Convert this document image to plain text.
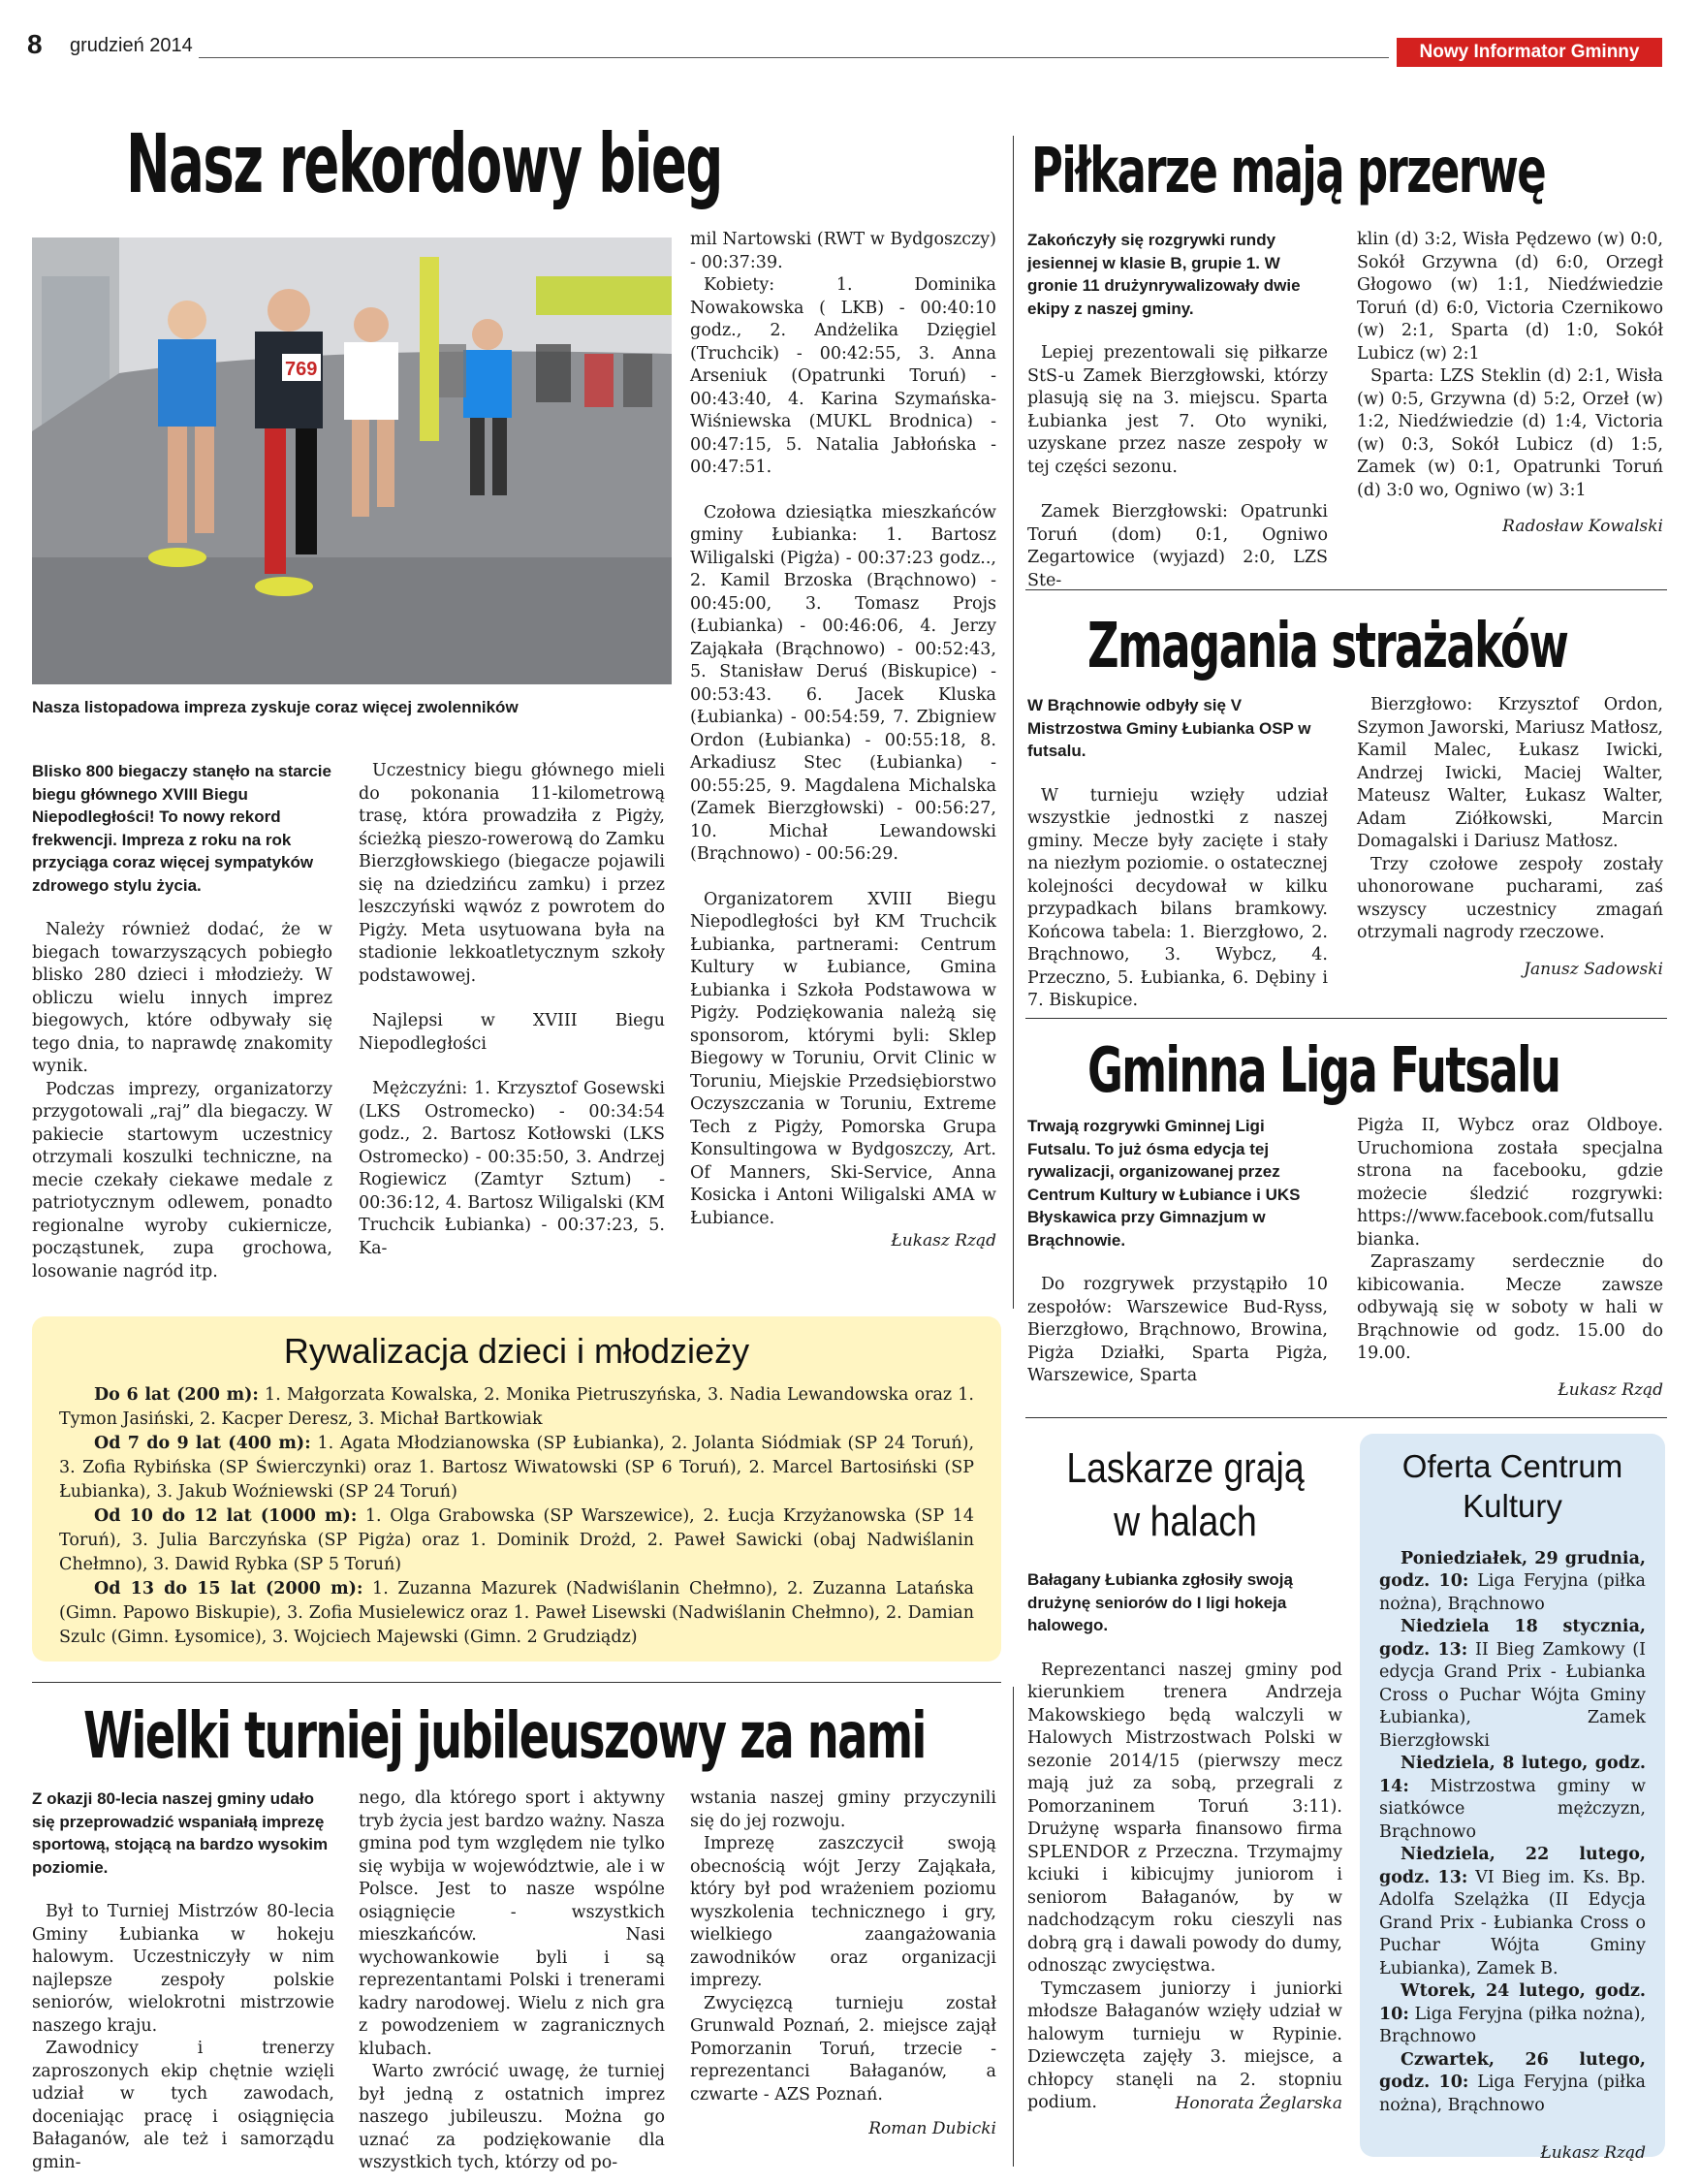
8 grudzień 2014	Nowy Informator Gminny
Nasz rekordowy bieg
769
Nasza listopadowa impreza zyskuje coraz więcej zwolenników
Blisko 800 biegaczy stanęło na starcie biegu głównego XVIII Biegu Niepodległości! To nowy rekord frekwencji. Impreza z roku na rok przyciąga coraz więcej sympatyków zdrowego stylu życia.

Należy również dodać, że w biegach towarzyszących pobiegło blisko 280 dzieci i młodzieży. W obliczu wielu innych imprez biegowych, które odbywały się tego dnia, to naprawdę znakomity wynik.

Podczas imprezy, organizatorzy przygotowali „raj” dla biegaczy. W pakiecie startowym uczestnicy otrzymali koszulki techniczne, na mecie czekały ciekawe medale z patriotycznym odlewem, ponadto regionalne wyroby cukiernicze, począstunek, zupa grochowa, losowanie nagród itp.

Uczestnicy biegu głównego mieli do pokonania 11-kilometrową trasę, która prowadziła z Pigży, ścieżką pieszo-rowerową do Zamku Bierzgłowskiego (biegacze pojawili się na dziedzińcu zamku) i przez leszczyński wąwóz z powrotem do Pigży. Meta usytuowana była na stadionie lekkoatletycznym szkoły podstawowej.

Najlepsi w XVIII Biegu Niepodległości

Mężczyźni: 1. Krzysztof Gosewski (LKS Ostromecko) - 00:34:54 godz., 2. Bartosz Kotłowski (LKS Ostromecko) - 00:35:50, 3. Andrzej Rogiewicz (Zamtyr Sztum) - 00:36:12, 4. Bartosz Wiligalski (KM Truchcik Łubianka) - 00:37:23, 5. Ka-

mil Nartowski (RWT w Bydgoszczy) - 00:37:39.

Kobiety: 1. Dominika Nowakowska ( LKB) - 00:40:10 godz., 2. Andżelika Dzięgiel (Truchcik) - 00:42:55, 3. Anna Arseniuk (Opatrunki Toruń) - 00:43:40, 4. Karina Szymańska-Wiśniewska (MUKL Brodnica) - 00:47:15, 5. Natalia Jabłońska - 00:47:51.

Czołowa dziesiątka mieszkańców gminy Łubianka: 1. Bartosz Wiligalski (Pigża) - 00:37:23 godz.., 2. Kamil Brzoska (Brąchnowo) - 00:45:00, 3. Tomasz Projs (Łubianka) - 00:46:06, 4. Jerzy Zająkała (Brąchnowo) - 00:52:43, 5. Stanisław Deruś (Biskupice) - 00:53:43. 6. Jacek Kluska (Łubianka) - 00:54:59, 7. Zbigniew Ordon (Łubianka) - 00:55:18, 8. Arkadiusz Stec (Łubianka) - 00:55:25, 9. Magdalena Michalska (Zamek Bierzgłowski) - 00:56:27, 10. Michał Lewandowski (Brąchnowo) - 00:56:29.

Organizatorem XVIII Biegu Niepodległości był KM Truchcik Łubianka, partnerami: Centrum Kultury w Łubiance, Gmina Łubianka i Szkoła Podstawowa w Pigży. Podziękowania należą się sponsorom, którymi byli: Sklep Biegowy w Toruniu, Orvit Clinic w Toruniu, Miejskie Przedsiębiorstwo Oczyszczania w Toruniu, Extreme Tech z Pigży, Pomorska Grupa Konsultingowa w Bydgoszczy, Art. Of Manners, Ski-Service, Anna Kosicka i Antoni Wiligalski AMA w Łubiance.

Łukasz Rząd
Piłkarze mają przerwę
Zakończyły się rozgrywki rundy jesiennej w klasie B, grupie 1. W gronie 11 drużynrywalizowały dwie ekipy z naszej gminy.

Lepiej prezentowali się piłkarze StS-u Zamek Bierzgłowski, którzy plasują się na 3. miejscu. Sparta Łubianka jest 7. Oto wyniki, uzyskane przez nasze zespoły w tej części sezonu.

Zamek Bierzgłowski: Opatrunki Toruń (dom) 0:1, Ogniwo Zegartowice (wyjazd) 2:0, LZS Ste-

klin (d) 3:2, Wisła Pędzewo (w) 0:0, Sokół Grzywna (d) 6:0, Orzegł Głogowo (w) 1:1, Niedźwiedzie Toruń (d) 6:0, Victoria Czernikowo (w) 2:1, Sparta (d) 1:0, Sokół Lubicz (w) 2:1

Sparta: LZS Steklin (d) 2:1, Wisła (w) 0:5, Grzywna (d) 5:2, Orzeł (w) 1:2, Niedźwiedzie (d) 1:4, Victoria (w) 0:3, Sokół Lubicz (d) 1:5, Zamek (w) 0:1, Opatrunki Toruń (d) 3:0 wo, Ogniwo (w) 3:1

Radosław Kowalski
Zmagania strażaków
W Brąchnowie odbyły się V Mistrzostwa Gminy Łubianka OSP w futsalu.

W turnieju wzięły udział wszystkie jednostki z naszej gminy. Mecze były zacięte i stały na niezłym poziomie. o ostatecznej kolejności decydował w kilku przypadkach bilans bramkowy. Końcowa tabela: 1. Bierzgłowo, 2. Brąchnowo, 3. Wybcz, 4. Przeczno, 5. Łubianka, 6. Dębiny i 7. Biskupice.

Bierzgłowo: Krzysztof Ordon, Szymon Jaworski, Mariusz Matłosz, Kamil Malec, Łukasz Iwicki, Andrzej Iwicki, Maciej Walter, Mateusz Walter, Łukasz Walter, Adam Ziółkowski, Marcin Domagalski i Dariusz Matłosz.

Trzy czołowe zespoły zostały uhonorowane pucharami, zaś wszyscy uczestnicy zmagań otrzymali nagrody rzeczowe.

Janusz Sadowski
Gminna Liga Futsalu
Trwają rozgrywki Gminnej Ligi Futsalu. To już ósma edycja tej rywalizacji, organizowanej przez Centrum Kultury w Łubiance i UKS Błyskawica przy Gimnazjum w Brąchnowie.

Do rozgrywek przystąpiło 10 zespołów: Warszewice Bud-Ryss, Bierzgłowo, Brąchnowo, Browina, Pigża Działki, Sparta Pigża, Warszewice, Sparta

Pigża II, Wybcz oraz Oldboye. Uruchomiona została specjalna strona na facebooku, gdzie możecie śledzić rozgrywki: https://www.facebook.com/futsallubianka.

Zapraszamy serdecznie do kibicowania. Mecze zawsze odbywają się w soboty w hali w Brąchnowie od godz. 15.00 do 19.00.

Łukasz Rząd
Rywalizacja dzieci i młodzieży
Do 6 lat (200 m): 1. Małgorzata Kowalska, 2. Monika Pietruszyńska, 3. Nadia Lewandowska oraz 1. Tymon Jasiński, 2. Kacper Deresz, 3. Michał Bartkowiak
Od 7 do 9 lat (400 m): 1. Agata Młodzianowska (SP Łubianka), 2. Jolanta Siódmiak (SP 24 Toruń), 3. Zofia Rybińska (SP Świerczynki) oraz 1. Bartosz Wiwatowski (SP 6 Toruń), 2. Marcel Bartosiński (SP Łubianka), 3. Jakub Woźniewski (SP 24 Toruń)
Od 10 do 12 lat (1000 m): 1. Olga Grabowska (SP Warszewice), 2. Łucja Krzyżanowska (SP 14 Toruń), 3. Julia Barczyńska (SP Pigża) oraz 1. Dominik Drożd, 2. Paweł Sawicki (obaj Nadwiślanin Chełmno), 3. Dawid Rybka (SP 5 Toruń)
Od 13 do 15 lat (2000 m): 1. Zuzanna Mazurek (Nadwiślanin Chełmno), 2. Zuzanna Latańska (Gimn. Papowo Biskupie), 3. Zofia Musielewicz oraz 1. Paweł Lisewski (Nadwiślanin Chełmno), 2. Damian Szulc (Gimn. Łysomice), 3. Wojciech Majewski (Gimn. 2 Grudziądz)
Wielki turniej jubileuszowy za nami
Z okazji 80-lecia naszej gminy udało się przeprowadzić wspaniałą imprezę sportową, stojącą na bardzo wysokim poziomie.

Był to Turniej Mistrzów 80-lecia Gminy Łubianka w hokeju halowym. Uczestniczyły w nim najlepsze zespoły polskie seniorów, wielokrotni mistrzowie naszego kraju.

Zawodnicy i trenerzy zaproszonych ekip chętnie wzięli udział w tych zawodach, doceniając pracę i osiągnięcia Bałaganów, ale też i samorządu gmin-

nego, dla którego sport i aktywny tryb życia jest bardzo ważny. Nasza gmina pod tym względem nie tylko się wybija w województwie, ale i w Polsce. Jest to nasze wspólne osiągnięcie - wszystkich mieszkańców. Nasi wychowankowie byli i są reprezentantami Polski i trenerami kadry narodowej. Wielu z nich gra z powodzeniem w zagranicznych klubach.

Warto zwrócić uwagę, że turniej był jedną z ostatnich imprez naszego jubileuszu. Można go uznać za podziękowanie dla wszystkich tych, którzy od po-

wstania naszej gminy przyczynili się do jej rozwoju.

Imprezę zaszczycił swoją obecnością wójt Jerzy Zająkała, który był pod wrażeniem poziomu wyszkolenia technicznego i gry, wielkiego zaangażowania zawodników oraz organizacji imprezy.

Zwycięzcą turnieju został Grunwald Poznań, 2. miejsce zajął Pomorzanin Toruń, trzecie - reprezentanci Bałaganów, a czwarte - AZS Poznań.

Roman Dubicki
Laskarze grają
w halach
Bałagany Łubianka zgłosiły swoją drużynę seniorów do I ligi hokeja halowego.

Reprezentanci naszej gminy pod kierunkiem trenera Andrzeja Makowskiego będą walczyli w Halowych Mistrzostwach Polski w sezonie 2014/15 (pierwszy mecz mają już za sobą, przegrali z Pomorzaninem Toruń 3:11). Drużynę wsparła finansowo firma SPLENDOR z Przeczna. Trzymajmy kciuki i kibicujmy juniorom i seniorom Bałaganów, by w nadchodzącym roku cieszyli nas dobrą grą i dawali powody do dumy, odnosząc zwycięstwa.

Tymczasem juniorzy i juniorki młodsze Bałaganów wzięły udział w halowym turnieju w Rypinie. Dziewczęta zajęły 3. miejsce, a chłopcy stanęli na 2. stopniu podium.	Honorata Żeglarska
Oferta Centrum
Kultury
Poniedziałek, 29 grudnia, godz. 10: Liga Feryjna (piłka nożna), Brąchnowo
Niedziela 18 stycznia, godz. 13: II Bieg Zamkowy (I edycja Grand Prix - Łubianka Cross o Puchar Wójta Gminy Łubianka), Zamek Bierzgłowski
Niedziela, 8 lutego, godz. 14: Mistrzostwa gminy w siatkówce mężczyzn, Brąchnowo
Niedziela, 22 lutego, godz. 13: VI Bieg im. Ks. Bp. Adolfa Szelążka (II Edycja Grand Prix - Łubianka Cross o Puchar Wójta Gminy Łubianka), Zamek B.
Wtorek, 24 lutego, godz. 10: Liga Feryjna (piłka nożna), Brąchnowo
Czwartek, 26 lutego, godz. 10: Liga Feryjna (piłka nożna), Brąchnowo
Łukasz Rząd
